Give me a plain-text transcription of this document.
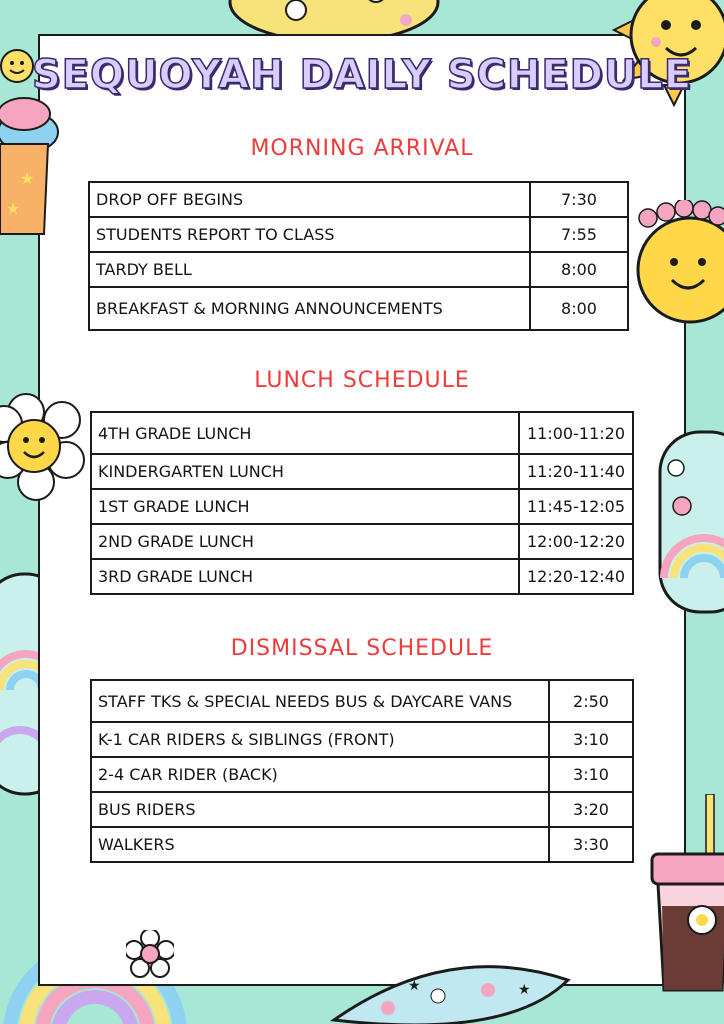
★
★
★
★
SEQUOYAH DAILY SCHEDULE
MORNING ARRIVAL
DROP OFF BEGINS	7:30
STUDENTS REPORT TO CLASS	7:55
TARDY BELL	8:00
BREAKFAST & MORNING ANNOUNCEMENTS	8:00
LUNCH SCHEDULE
4TH GRADE LUNCH	11:00-11:20
KINDERGARTEN LUNCH	11:20-11:40
1ST GRADE LUNCH	11:45-12:05
2ND GRADE LUNCH	12:00-12:20
3RD GRADE LUNCH	12:20-12:40
DISMISSAL SCHEDULE
STAFF TKS & SPECIAL NEEDS BUS & DAYCARE VANS	2:50
K-1 CAR RIDERS & SIBLINGS (FRONT)	3:10
2-4 CAR RIDER (BACK)	3:10
BUS RIDERS	3:20
WALKERS	3:30
